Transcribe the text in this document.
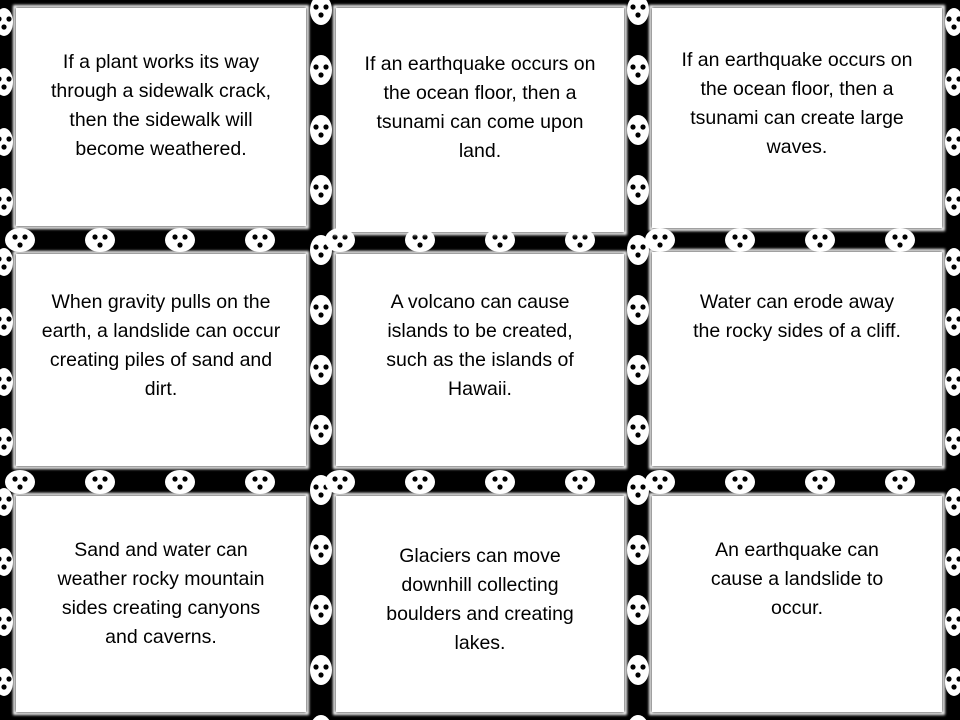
If a plant works its way through a sidewalk crack, then the sidewalk will become weathered.
If an earthquake occurs on the ocean floor, then a tsunami can come upon land.
If an earthquake occurs on the ocean floor, then a tsunami can create large waves.
When gravity pulls on the earth, a landslide can occur creating piles of sand and dirt.
A volcano can cause islands to be created, such as the islands of Hawaii.
Water can erode away the rocky sides of a cliff.
Sand and water can weather rocky mountain sides creating canyons and caverns.
Glaciers can move downhill collecting boulders and creating lakes.
An earthquake can cause a landslide to occur.
